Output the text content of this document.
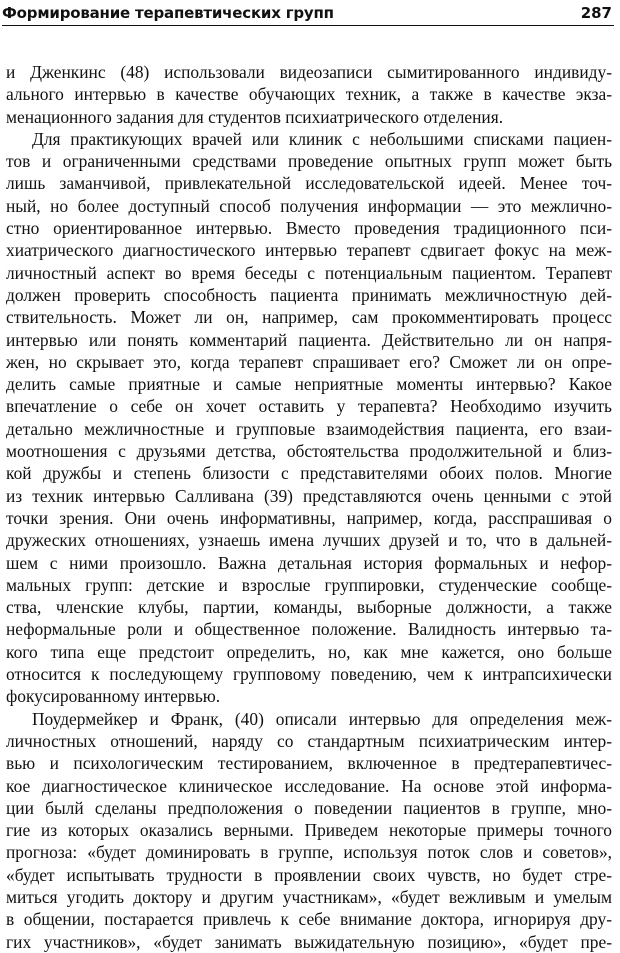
Формирование терапевтических групп	287
и Дженкинс (48) использовали видеозаписи сымитированного индивиду-
ального интервью в качестве обучающих техник, а также в качестве экза-
менационного задания для студентов психиатрического отделения.
Для практикующих врачей или клиник с небольшими списками пациен-
тов и ограниченными средствами проведение опытных групп может быть
лишь заманчивой, привлекательной исследовательской идеей. Менее точ-
ный, но более доступный способ получения информации — это межлично-
стно ориентированное интервью. Вместо проведения традиционного пси-
хиатрического диагностического интервью терапевт сдвигает фокус на меж-
личностный аспект во время беседы с потенциальным пациентом. Терапевт
должен проверить способность пациента принимать межличностную дей-
ствительность. Может ли он, например, сам прокомментировать процесс
интервью или понять комментарий пациента. Действительно ли он напря-
жен, но скрывает это, когда терапевт спрашивает его? Сможет ли он опре-
делить самые приятные и самые неприятные моменты интервью? Какое
впечатление о себе он хочет оставить у терапевта? Необходимо изучить
детально межличностные и групповые взаимодействия пациента, его взаи-
моотношения с друзьями детства, обстоятельства продолжительной и близ-
кой дружбы и степень близости с представителями обоих полов. Многие
из техник интервью Салливана (39) представляются очень ценными с этой
точки зрения. Они очень информативны, например, когда, расспрашивая о
дружеских отношениях, узнаешь имена лучших друзей и то, что в дальней-
шем с ними произошло. Важна детальная история формальных и нефор-
мальных групп: детские и взрослые группировки, студенческие сообще-
ства, членские клубы, партии, команды, выборные должности, а также
неформальные роли и общественное положение. Валидность интервью та-
кого типа еще предстоит определить, но, как мне кажется, оно больше
относится к последующему групповому поведению, чем к интрапсихически
фокусированному интервью.
Поудермейкер и Франк, (40) описали интервью для определения меж-
личностных отношений, наряду со стандартным психиатрическим интер-
вью и психологическим тестированием, включенное в предтерапевтичес-
кое диагностическое клиническое исследование. На основе этой информа-
ции былй сделаны предположения о поведении пациентов в группе, мно-
гие из которых оказались верными. Приведем некоторые примеры точного
прогноза: «будет доминировать в группе, используя поток слов и советов»,
«будет испытывать трудности в проявлении своих чувств, но будет стре-
миться угодить доктору и другим участникам», «будет вежливым и умелым
в общении, постарается привлечь к себе внимание доктора, игнорируя дру-
гих участников», «будет занимать выжидательную позицию», «будет пре-
